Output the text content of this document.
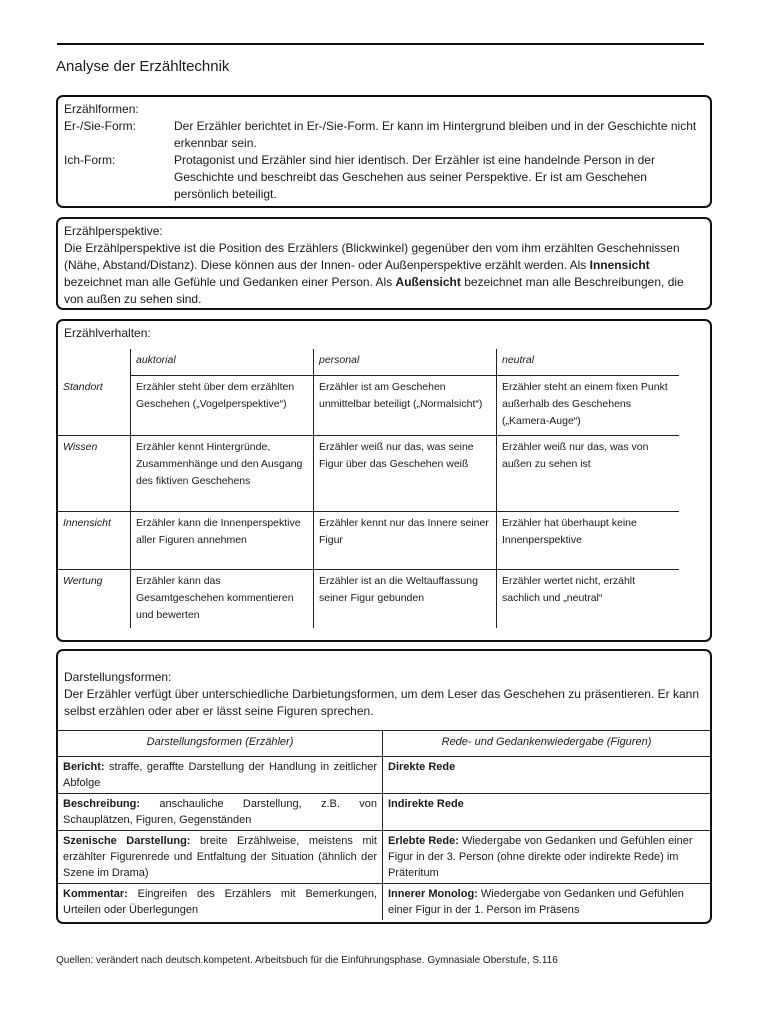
Analyse der Erzähltechnik
Erzählformen:
Er-/Sie-Form:	Der Erzähler berichtet in Er-/Sie-Form. Er kann im Hintergrund bleiben und in der Geschichte nicht erkennbar sein.
Ich-Form:	Protagonist und Erzähler sind hier identisch. Der Erzähler ist eine handelnde Person in der Geschichte und beschreibt das Geschehen aus seiner Perspektive. Er ist am Geschehen persönlich beteiligt.
Erzählperspektive:
Die Erzählperspektive ist die Position des Erzählers (Blickwinkel) gegenüber den vom ihm erzählten Geschehnissen (Nähe, Abstand/Distanz). Diese können aus der Innen- oder Außenperspektive erzählt werden. Als Innensicht bezeichnet man alle Gefühle und Gedanken einer Person. Als Außensicht bezeichnet man alle Beschreibungen, die von außen zu sehen sind.
Erzählverhalten:
	auktorial	personal	neutral
Standort	Erzähler steht über dem erzählten Geschehen („Vogelperspektive“)	Erzähler ist am Geschehen unmittelbar beteiligt („Normalsicht“)	Erzähler steht an einem fixen Punkt außerhalb des Geschehens („Kamera-Auge“)
Wissen	Erzähler kennt Hintergründe, Zusammenhänge und den Ausgang des fiktiven Geschehens	Erzähler weiß nur das, was seine Figur über das Geschehen weiß	Erzähler weiß nur das, was von außen zu sehen ist
Innensicht	Erzähler kann die Innenperspektive aller Figuren annehmen	Erzähler kennt nur das Innere seiner Figur	Erzähler hat überhaupt keine Innenperspektive
Wertung	Erzähler kann das Gesamtgeschehen kommentieren und bewerten	Erzähler ist an die Weltauffassung seiner Figur gebunden	Erzähler wertet nicht, erzählt sachlich und „neutral“
Darstellungsformen:
Der Erzähler verfügt über unterschiedliche Darbietungsformen, um dem Leser das Geschehen zu präsentieren. Er kann selbst erzählen oder aber er lässt seine Figuren sprechen.
Darstellungsformen (Erzähler)	Rede- und Gedankenwiedergabe (Figuren)
Bericht: straffe, geraffte Darstellung der Handlung in zeitlicher Abfolge	Direkte Rede
Beschreibung: anschauliche Darstellung, z.B. von Schauplätzen, Figuren, Gegenständen	Indirekte Rede
Szenische Darstellung: breite Erzählweise, meistens mit erzählter Figurenrede und Entfaltung der Situation (ähnlich der Szene im Drama)	Erlebte Rede: Wiedergabe von Gedanken und Gefühlen einer Figur in der 3. Person (ohne direkte oder indirekte Rede) im Präteritum
Kommentar: Eingreifen des Erzählers mit Bemerkungen, Urteilen oder Überlegungen	Innerer Monolog: Wiedergabe von Gedanken und Gefühlen einer Figur in der 1. Person im Präsens
Quellen: verändert nach deutsch.kompetent. Arbeitsbuch für die Einführungsphase. Gymnasiale Oberstufe, S.116
